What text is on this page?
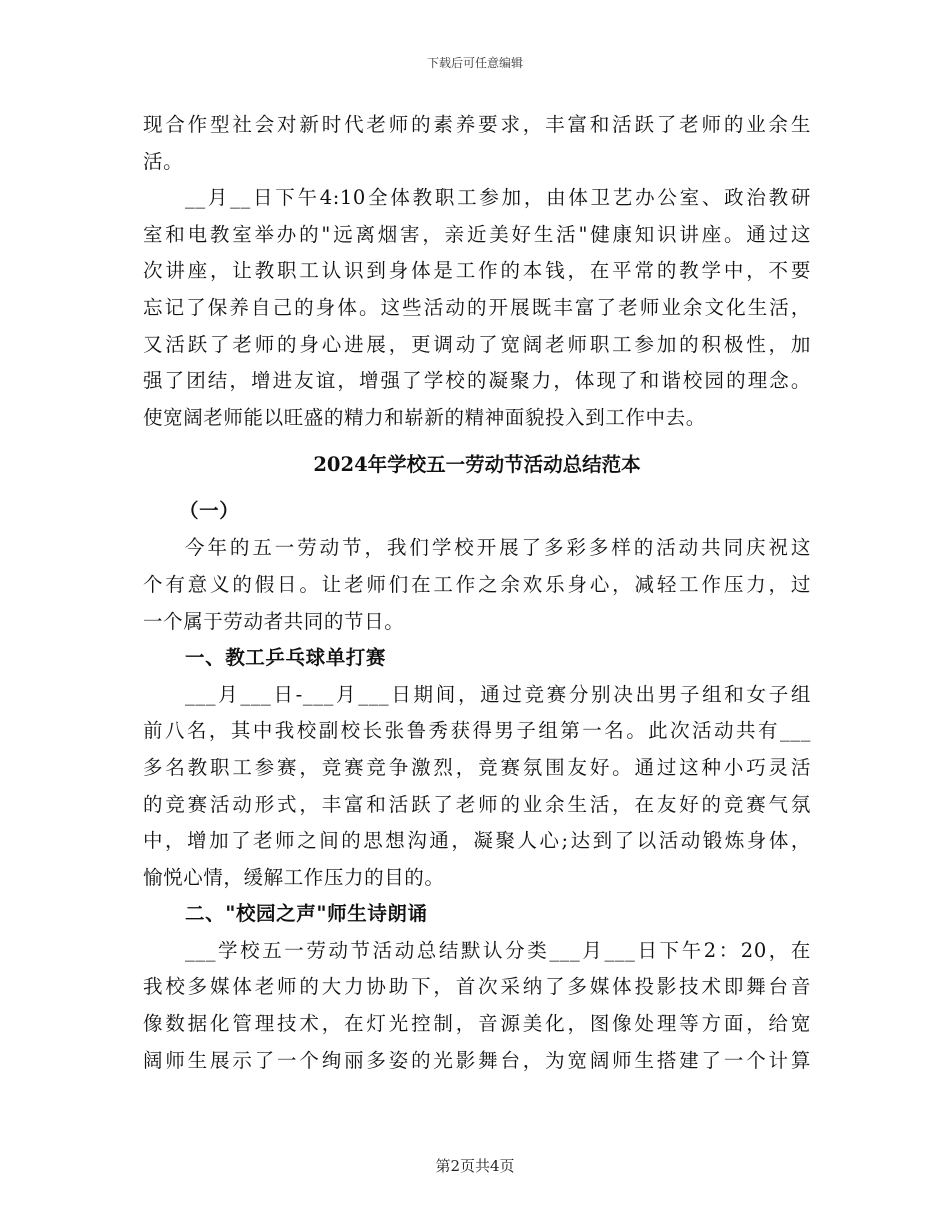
下载后可任意编辑
现合作型社会对新时代老师的素养要求，丰富和活跃了老师的业余生
活。
__月__日下午4:10全体教职工参加，由体卫艺办公室、政治教研
室和电教室举办的"远离烟害，亲近美好生活"健康知识讲座。通过这
次讲座，让教职工认识到身体是工作的本钱，在平常的教学中，不要
忘记了保养自己的身体。这些活动的开展既丰富了老师业余文化生活，
又活跃了老师的身心进展，更调动了宽阔老师职工参加的积极性，加
强了团结，增进友谊，增强了学校的凝聚力，体现了和谐校园的理念。
使宽阔老师能以旺盛的精力和崭新的精神面貌投入到工作中去。
2024年学校五一劳动节活动总结范本
（一）
今年的五一劳动节，我们学校开展了多彩多样的活动共同庆祝这
个有意义的假日。让老师们在工作之余欢乐身心，减轻工作压力，过
一个属于劳动者共同的节日。
一、教工乒乓球单打赛
___月___日-___月___日期间，通过竞赛分别决出男子组和女子组
前八名，其中我校副校长张鲁秀获得男子组第一名。此次活动共有___
多名教职工参赛，竞赛竞争激烈，竞赛氛围友好。通过这种小巧灵活
的竞赛活动形式，丰富和活跃了老师的业余生活，在友好的竞赛气氛
中，增加了老师之间的思想沟通，凝聚人心;达到了以活动锻炼身体，
愉悦心情，缓解工作压力的目的。
二、"校园之声"师生诗朗诵
___学校五一劳动节活动总结默认分类___月___日下午2：20，在
我校多媒体老师的大力协助下，首次采纳了多媒体投影技术即舞台音
像数据化管理技术，在灯光控制，音源美化，图像处理等方面，给宽
阔师生展示了一个绚丽多姿的光影舞台，为宽阔师生搭建了一个计算
第2页共4页
